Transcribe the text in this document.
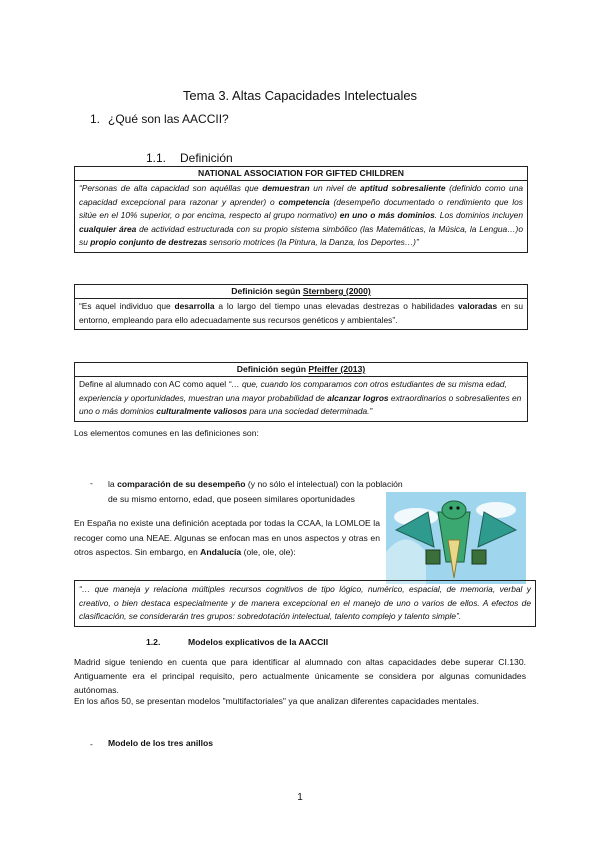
Tema 3. Altas Capacidades Intelectuales
1. ¿Qué son las AACCII?
1.1. Definición
NATIONAL ASSOCIATION FOR GIFTED CHILDREN
“Personas de alta capacidad son aquéllas que demuestran un nivel de aptitud sobresaliente (definido como una capacidad excepcional para razonar y aprender) o competencia (desempeño documentado o rendimiento que los sitúe en el 10% superior, o por encima, respecto al grupo normativo) en uno o más dominios. Los dominios incluyen cualquier área de actividad estructurada con su propio sistema simbólico (las Matemáticas, la Música, la Lengua…)o su propio conjunto de destrezas sensorio motrices (la Pintura, la Danza, los Deportes…)”
Definición según Sternberg (2000)
“Es aquel individuo que desarrolla a lo largo del tiempo unas elevadas destrezas o habilidades valoradas en su entorno, empleando para ello adecuadamente sus recursos genéticos y ambientales”.
Definición según Pfeiffer (2013)
Define al alumnado con AC como aquel “… que, cuando los comparamos con otros estudiantes de su misma edad, experiencia y oportunidades, muestran una mayor probabilidad de alcanzar logros extraordinarios o sobresalientes en uno o más dominios culturalmente valiosos para una sociedad determinada.”
Los elementos comunes en las definiciones son:
- la comparación de su desempeño (y no sólo el intelectual) con la población de su mismo entorno, edad, que poseen similares oportunidades
En España no existe una definición aceptada por todas la CCAA, la LOMLOE la recoger como una NEAE. Algunas se enfocan mas en unos aspectos y otras en otros aspectos. Sin embargo, en Andalucía (ole, ole, ole):
“… que maneja y relaciona múltiples recursos cognitivos de tipo lógico, numérico, espacial, de memoria, verbal y creativo, o bien destaca especialmente y de manera excepcional en el manejo de uno o varios de ellos. A efectos de clasificación, se considerarán tres grupos: sobredotación intelectual, talento complejo y talento simple”.
1.2.	Modelos explicativos de la AACCII
Madrid sigue teniendo en cuenta que para identificar al alumnado con altas capacidades debe superar CI.130. Antiguamente era el principal requisito, pero actualmente únicamente se considera por algunas comunidades autónomas.
En los años 50, se presentan modelos "multifactoriales" ya que analizan diferentes capacidades mentales.
- Modelo de los tres anillos
1
